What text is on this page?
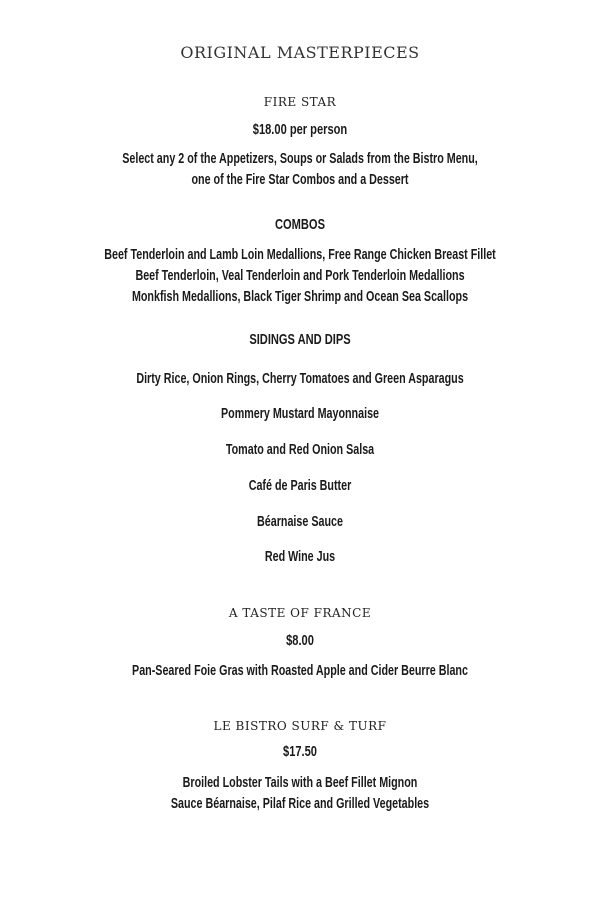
ORIGINAL MASTERPIECES
FIRE STAR
$18.00 per person
Select any 2 of the Appetizers, Soups or Salads from the Bistro Menu,
one of the Fire Star Combos and a Dessert
COMBOS
Beef Tenderloin and Lamb Loin Medallions, Free Range Chicken Breast Fillet
Beef Tenderloin, Veal Tenderloin and Pork Tenderloin Medallions
Monkfish Medallions, Black Tiger Shrimp and Ocean Sea Scallops
SIDINGS AND DIPS
Dirty Rice, Onion Rings, Cherry Tomatoes and Green Asparagus
Pommery Mustard Mayonnaise
Tomato and Red Onion Salsa
Café de Paris Butter
Béarnaise Sauce
Red Wine Jus
A TASTE OF FRANCE
$8.00
Pan-Seared Foie Gras with Roasted Apple and Cider Beurre Blanc
LE BISTRO SURF & TURF
$17.50
Broiled Lobster Tails with a Beef Fillet Mignon
Sauce Béarnaise, Pilaf Rice and Grilled Vegetables
